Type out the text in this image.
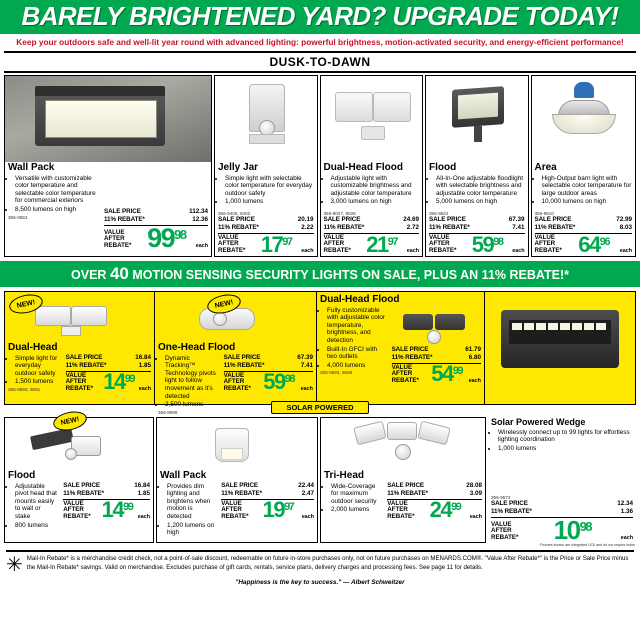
BARELY BRIGHTENED YARD? UPGRADE TODAY!
Keep your outdoors safe and well-lit year round with advanced lighting: powerful brightness, motion-activated security, and energy-efficient performance!
DUSK-TO-DAWN
Wall Pack
• Versatile with customizable color temperature and selectable color temperature for commercial exteriors
• 8,500 lumens on high
356-9553
SALE PRICE	112.34
11% REBATE*	12.36
VALUE AFTER REBATE* 99 98
each
Jelly Jar
• Simple light with selectable color temperature for everyday outdoor safety
• 1,000 lumens
356-9405, 9402
SALE PRICE	20.19
11% REBATE*	2.22
VALUE AFTER REBATE* 17 97
each
Dual-Head Flood
• Adjustable light with customizable brightness and adjustable color temperature
• 3,000 lumens on high
356-9027, 9028
SALE PRICE	24.69
11% REBATE*	2.72
VALUE AFTER REBATE* 21 97
each
Flood
• All-In-One adjustable floodlight with selectable brightness and adjustable color temperature
• 5,000 lumens on high
356-9522
SALE PRICE	67.39
11% REBATE*	7.41
VALUE AFTER REBATE* 59 98
each
Area
• High-Output barn light with selectable color temperature for large outdoor areas
• 10,000 lumens on high
356-8510
SALE PRICE	72.99
11% REBATE*	8.03
VALUE AFTER REBATE* 64 96
each
OVER 40 MOTION SENSING SECURITY LIGHTS ON SALE, PLUS AN 11% REBATE!*
NEW!
Dual-Head
• Simple light for everyday outdoor safety
• 1,500 lumens
356-9690, 9691
SALE PRICE	16.84
11% REBATE*	1.85
VALUE AFTER REBATE* 14 99
each
NEW!
One-Head Flood
• Dynamic Tracking™ Technology pivots light to follow movement as it's detected
• 2,500 lumens
356-8998
SALE PRICE	67.39
11% REBATE*	7.41
VALUE AFTER REBATE* 59 98
each
Dual-Head Flood
• Fully customizable with adjustable color temperature, brightness, and detection
• Built-In GFCI with two outlets
• 4,000 lumens
356-9593, 9598
SALE PRICE	61.79
11% REBATE*	6.80
VALUE AFTER REBATE* 54 99
each
SOLAR POWERED
NEW!
Flood
• Adjustable pivot head that mounts easily to wall or stake
• 800 lumens
SALE PRICE	16.84
11% REBATE*	1.85
VALUE AFTER REBATE* 14 99
each
Wall Pack
• Provides dim lighting and brightens when motion is detected
• 1,200 lumens on high
SALE PRICE	22.44
11% REBATE*	2.47
VALUE AFTER REBATE* 19 97
each
Tri-Head
• Wide-Coverage for maximum outdoor security
• 2,000 lumens
SALE PRICE	28.08
11% REBATE*	3.09
VALUE AFTER REBATE* 24 99
each
Solar Powered Wedge
• Wirelessly connect up to 99 lights for effortless lighting coordination
• 1,000 lumens
356-9573
SALE PRICE	12.34
11% REBATE*	1.36
VALUE AFTER REBATE* 10 98
each
Fixtures shown are integrated LED and do not require bulbs.
✳ Mail-In Rebate* is a merchandise credit check, not a point-of-sale discount, redeemable on future in-store purchases only, not on future purchases on MENARDS.COM®. "Value After Rebate*" is the Price or Sale Price minus the Mail-In Rebate* savings. Valid on merchandise. Excludes purchase of gift cards, rentals, service plans, delivery charges and processing fees. See page 11 for details.
"Happiness is the key to success." — Albert Schweitzer
